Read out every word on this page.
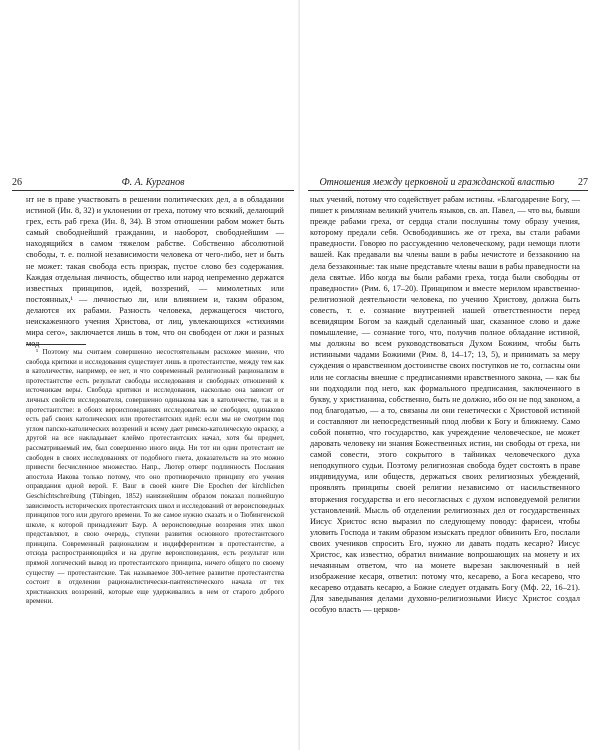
26	Ф. А. Курганов

нт не в праве участвовать в решении политических дел, а в обладании истиной (Ин. 8, 32) и уклонении от греха, потому что всякий, делающий грех, есть раб греха (Ин. 8, 34). В этом отношении рабом может быть самый свободнейший гражданин, и наоборот, свободнейшим — находящийся в самом тяжелом рабстве. Собственно абсолютной свободы, т. е. полной независимости человека от чего-либо, нет и быть не может: такая свобода есть призрак, пустое слово без содержания. Каждая отдельная личность, общество или народ непременно держатся известных принципов, идей, воззрений, — мимолетных или постоянных,¹ — личностью ли, или влиянием и, таким образом, делаются их рабами. Разность человека, держащегося чистого, неискаженного учения Христова, от лиц, увлекающихся «стихиями мира сего», заключается лишь в том, что он свободен от лжи и разных мод

¹ Поэтому мы считаем совершенно несостоятельным расхожее мнение, что свобода критики и исследования существует лишь в протестантстве, между тем как в католичестве, например, ее нет, и что современный религиозный рационализм в протестантстве есть результат свободы исследования и свободных отношений к источникам веры. Свобода критики и исследования, насколько она зависит от личных свойств исследователя, совершенно одинакова как в католичестве, так и в протестантстве: в обоих вероисповеданиях исследователь не свободен, одинаково есть раб своих католических или протестантских идей: если мы не смотрим под углом папско-католических воззрений и всему дает римско-католическую окраску, а другой на все накладывает клеймо протестантских начал, хотя бы предмет, рассматриваемый им, был совершенно иного вида. Ни тот ни один протестант не свободен в своих исследованиях от подобного гнета, доказательств на это можно привести бесчисленное множество. Напр., Лютер отверг подлинность Послания апостола Иакова только потому, что оно противоречило принципу его учения оправдания одной верой. F. Baur в своей книге Die Epochen der kirchlichen Geschichtschreibung (Tübingen, 1852) наиязнейшим образом показал полнейшую зависимость исторических протестантских школ и исследований от вероисповедных принципов того или другого времени. То же самое нужно сказать и о Тюбингенской школе, к которой принадлежит Баур. А вероисповедные воззрения этих школ представляют, в свою очередь, ступени развития основного протестантского принципа. Современный рационализм и индифферентизм в протестантстве, а отсюда распространяющийся и на другие вероисповедания, есть результат или прямой логический вывод из протестантского принципа, ничего общего по своему существу — протестантские. Так называемое 300-летнее развитие протестантства состоит в отделении рационалистически-пантеистического начала от тех христианских воззрений, которые еще удерживались в нем от старого доброго времени.

Отношения между церковной и гражданской властью	27

ных учений, потому что содействует рабам истины. «Благодарение Богу, — пишет к римлянам великий учитель языков, св. ап. Павел, — что вы, бывши прежде рабами греха, от сердца стали послушны тому образу учения, которому предали себя. Освободившись же от греха, вы стали рабами праведности. Говорю по рассуждению человеческому, ради немощи плоти вашей. Как предавали вы члены ваши в рабы нечистоте и беззаконию на дела беззаконные: так ныне представьте члены ваши в рабы праведности на дела святые. Ибо когда вы были рабами греха, тогда были свободны от праведности» (Рим. 6, 17–20). Принципом и вместе мерилом нравственно-религиозной деятельности человека, по учению Христову, должна быть совесть, т. е. сознание внутренней нашей ответственности перед всевидящим Богом за каждый сделанный шаг, сказанное слово и даже помышление, — сознание того, что, получив полное обладание истиной, мы должны во всем руководствоваться Духом Божиим, чтобы быть истинными чадами Божиими (Рим. 8, 14–17; 13, 5), и принимать за меру суждения о нравственном достоинстве своих поступков не то, согласны они или не согласны внешне с предписаниями нравственного закона, — как бы ни подходили под него, как формального предписания, заключенного в букву, у христианина, собственно, быть не должно, ибо он не под законом, а под благодатью, — а то, связаны ли они генетически с Христовой истиной и составляют ли непосредственный плод любви к Богу и ближнему. Само собой понятно, что государство, как учреждение человеческое, не может даровать человеку ни знания Божественных истин, ни свободы от греха, ни самой совести, этого сокрытого в тайниках человеческого духа неподкупного судьи. Поэтому религиозная свобода будет состоять в праве индивидуума, или обществ, держаться своих религиозных убеждений, проявлять принципы своей религии независимо от насильственного вторжения государства и его несогласных с духом исповедуемой религии установлений. Мысль об отделении религиозных дел от государственных Иисус Христос ясно выразил по следующему поводу: фарисеи, чтобы уловить Господа и таким образом изыскать предлог обвинить Его, послали своих учеников спросить Его, нужно ли давать подать кесарю? Иисус Христос, как известно, обратил внимание вопрошающих на монету и их нечаянным ответом, что на монете вырезан заключенный в ней изображение кесаря, ответил: потому что, кесарево, а Бога кесарево, что кесарево отдавать кесарю, а Божие следует отдавать Богу (Мф. 22, 16–21). Для заведывания делами духовно-религиозными Иисус Христос создал особую власть — церков-
